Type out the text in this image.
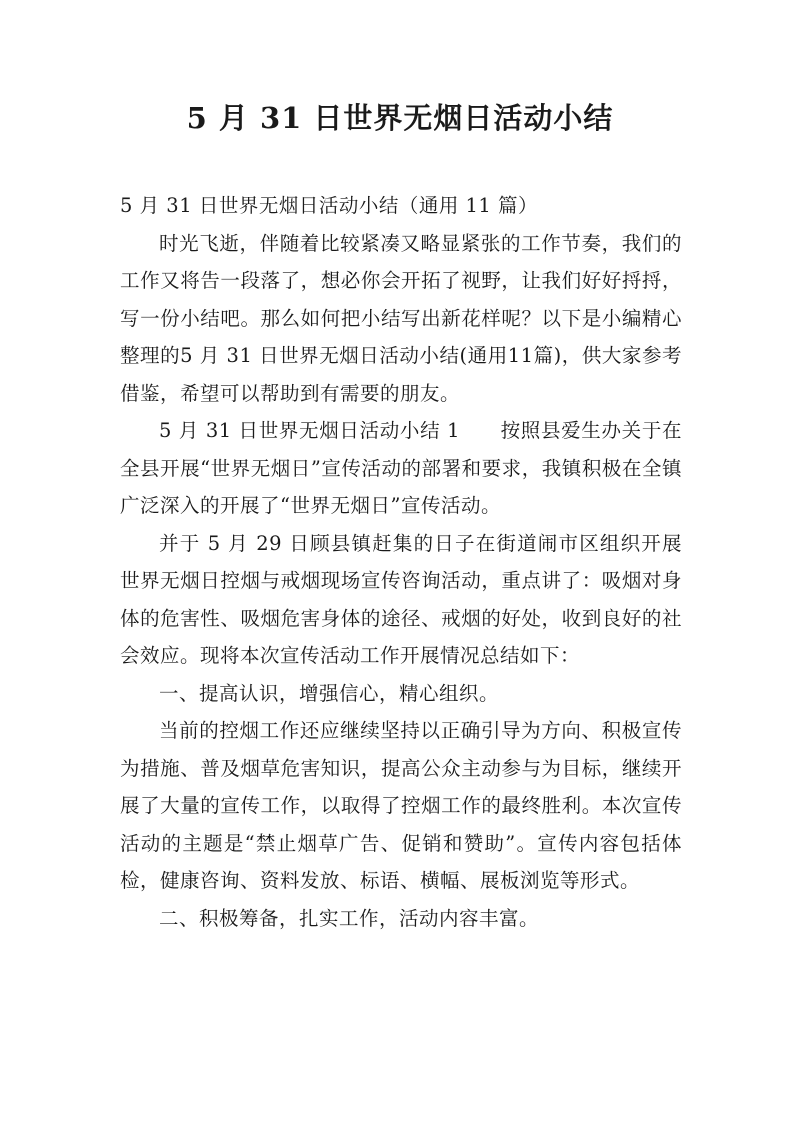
5 月 31 日世界无烟日活动小结

5 月 31 日世界无烟日活动小结（通用 11 篇）

时光飞逝，伴随着比较紧凑又略显紧张的工作节奏，我们的工作又将告一段落了，想必你会开拓了视野，让我们好好捋捋，写一份小结吧。那么如何把小结写出新花样呢？以下是小编精心整理的5 月 31 日世界无烟日活动小结(通用11篇)，供大家参考借鉴，希望可以帮助到有需要的朋友。

5 月 31 日世界无烟日活动小结 1　　按照县爱生办关于在全县开展“世界无烟日”宣传活动的部署和要求，我镇积极在全镇广泛深入的开展了“世界无烟日”宣传活动。

并于 5 月 29 日顾县镇赶集的日子在街道闹市区组织开展世界无烟日控烟与戒烟现场宣传咨询活动，重点讲了：吸烟对身体的危害性、吸烟危害身体的途径、戒烟的好处，收到良好的社会效应。现将本次宣传活动工作开展情况总结如下：

一、提高认识，增强信心，精心组织。

当前的控烟工作还应继续坚持以正确引导为方向、积极宣传为措施、普及烟草危害知识，提高公众主动参与为目标，继续开展了大量的宣传工作，以取得了控烟工作的最终胜利。本次宣传活动的主题是“禁止烟草广告、促销和赞助”。宣传内容包括体检，健康咨询、资料发放、标语、横幅、展板浏览等形式。

二、积极筹备，扎实工作，活动内容丰富。
